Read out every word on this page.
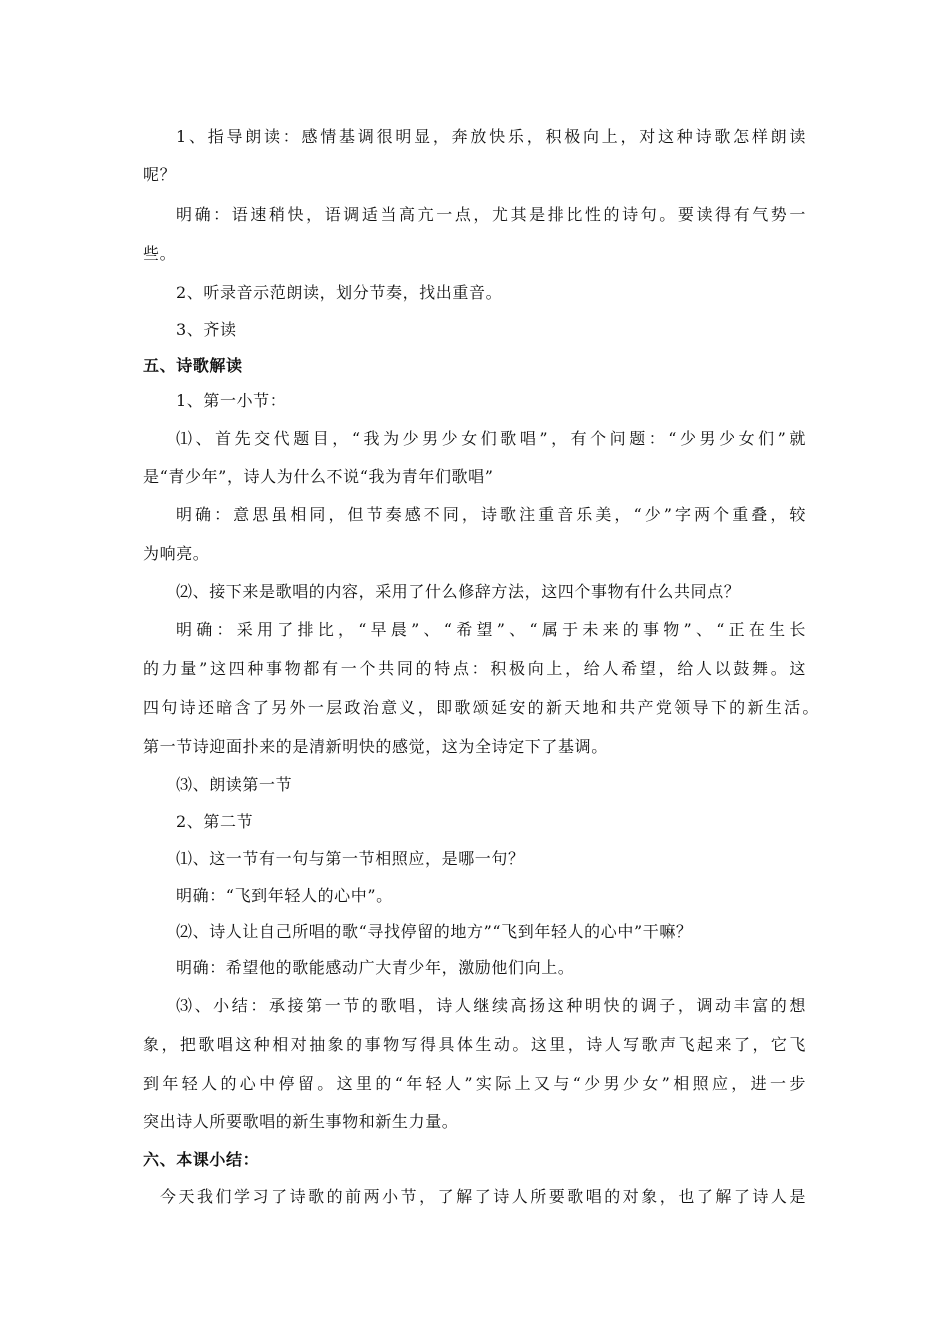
1、指导朗读：感情基调很明显，奔放快乐，积极向上，对这种诗歌怎样朗读
呢？
明确：语速稍快，语调适当高亢一点，尤其是排比性的诗句。要读得有气势一
些。
2、听录音示范朗读，划分节奏，找出重音。
3、齐读
五、诗歌解读
1、第一小节：
⑴、首先交代题目，“我为少男少女们歌唱”，有个问题：“少男少女们”就
是“青少年”，诗人为什么不说“我为青年们歌唱”
明确：意思虽相同，但节奏感不同，诗歌注重音乐美，“少”字两个重叠，较
为响亮。
⑵、接下来是歌唱的内容，采用了什么修辞方法，这四个事物有什么共同点？
明确：采用了排比，“早晨”、“希望”、“属于未来的事物”、“正在生长
的力量”这四种事物都有一个共同的特点：积极向上，给人希望，给人以鼓舞。这
四句诗还暗含了另外一层政治意义，即歌颂延安的新天地和共产党领导下的新生活。
第一节诗迎面扑来的是清新明快的感觉，这为全诗定下了基调。
⑶、朗读第一节
2、第二节
⑴、这一节有一句与第一节相照应，是哪一句？
明确：“飞到年轻人的心中”。
⑵、诗人让自己所唱的歌“寻找停留的地方”“飞到年轻人的心中”干嘛？
明确：希望他的歌能感动广大青少年，激励他们向上。
⑶、小结：承接第一节的歌唱，诗人继续高扬这种明快的调子，调动丰富的想
象，把歌唱这种相对抽象的事物写得具体生动。这里，诗人写歌声飞起来了，它飞
到年轻人的心中停留。这里的“年轻人”实际上又与“少男少女”相照应，进一步
突出诗人所要歌唱的新生事物和新生力量。
六、本课小结：
今天我们学习了诗歌的前两小节，了解了诗人所要歌唱的对象，也了解了诗人是
